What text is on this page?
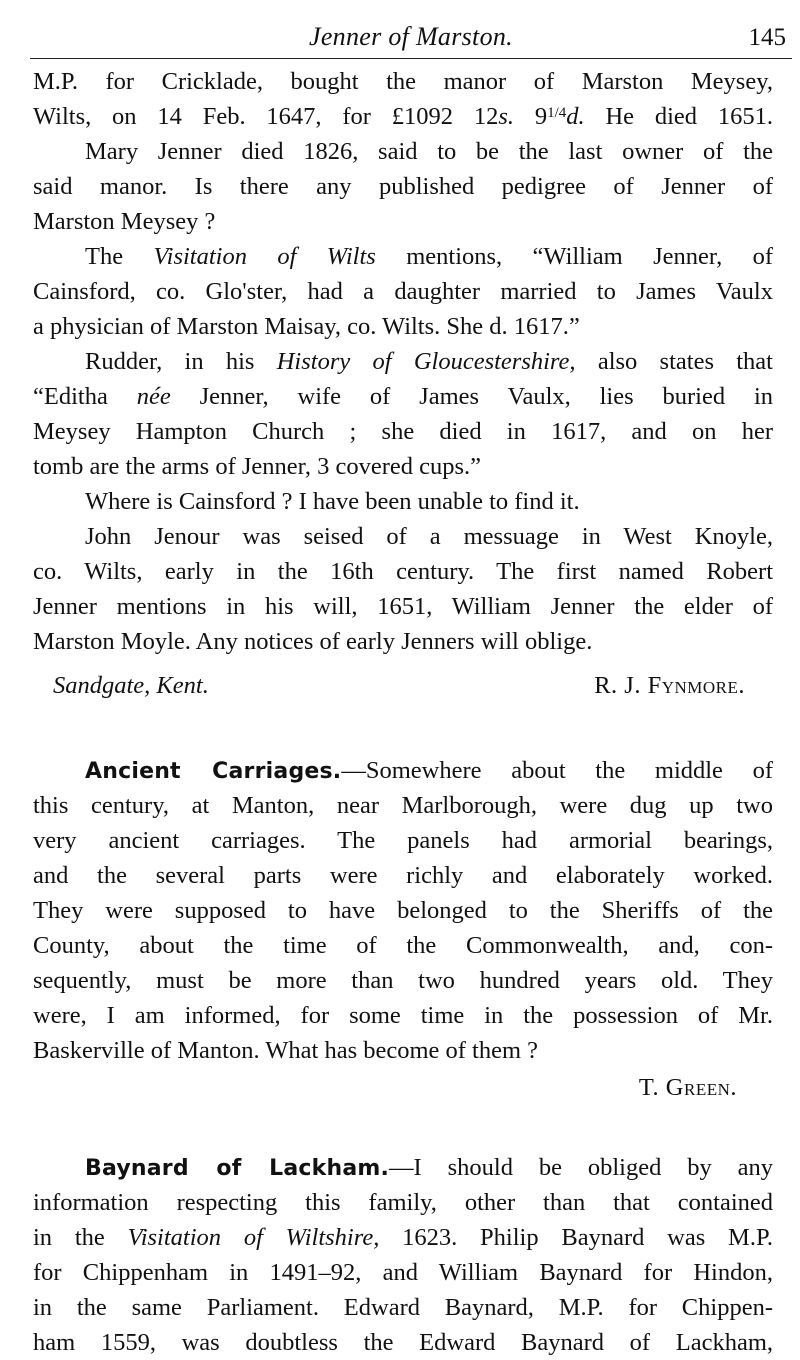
Jenner of Marston.	145
M.P. for Cricklade, bought the manor of Marston Meysey,
Wilts, on 14 Feb. 1647, for £1092 12s. $9^{1/4}d$. He died 1651.
Mary Jenner died 1826, said to be the last owner of the
said manor. Is there any published pedigree of Jenner of
Marston Meysey ?
The Visitation of Wilts mentions, “William Jenner, of
Cainsford, co. Glo'ster, had a daughter married to James Vaulx
a physician of Marston Maisay, co. Wilts. She d. 1617.”
Rudder, in his History of Gloucestershire, also states that
“Editha née Jenner, wife of James Vaulx, lies buried in
Meysey Hampton Church ; she died in 1617, and on her
tomb are the arms of Jenner, 3 covered cups.”
Where is Cainsford ? I have been unable to find it.
John Jenour was seised of a messuage in West Knoyle,
co. Wilts, early in the 16th century. The first named Robert
Jenner mentions in his will, 1651, William Jenner the elder of
Marston Moyle. Any notices of early Jenners will oblige.
Sandgate, Kent.	R. J. Fynmore.
Ancient Carriages.—Somewhere about the middle of
this century, at Manton, near Marlborough, were dug up two
very ancient carriages. The panels had armorial bearings,
and the several parts were richly and elaborately worked.
They were supposed to have belonged to the Sheriffs of the
County, about the time of the Commonwealth, and, con-
sequently, must be more than two hundred years old. They
were, I am informed, for some time in the possession of Mr.
Baskerville of Manton. What has become of them ?
T. Green.
Baynard of Lackham.—I should be obliged by any
information respecting this family, other than that contained
in the Visitation of Wiltshire, 1623. Philip Baynard was M.P.
for Chippenham in 1491–92, and William Baynard for Hindon,
in the same Parliament. Edward Baynard, M.P. for Chippen-
ham 1559, was doubtless the Edward Baynard of Lackham,
